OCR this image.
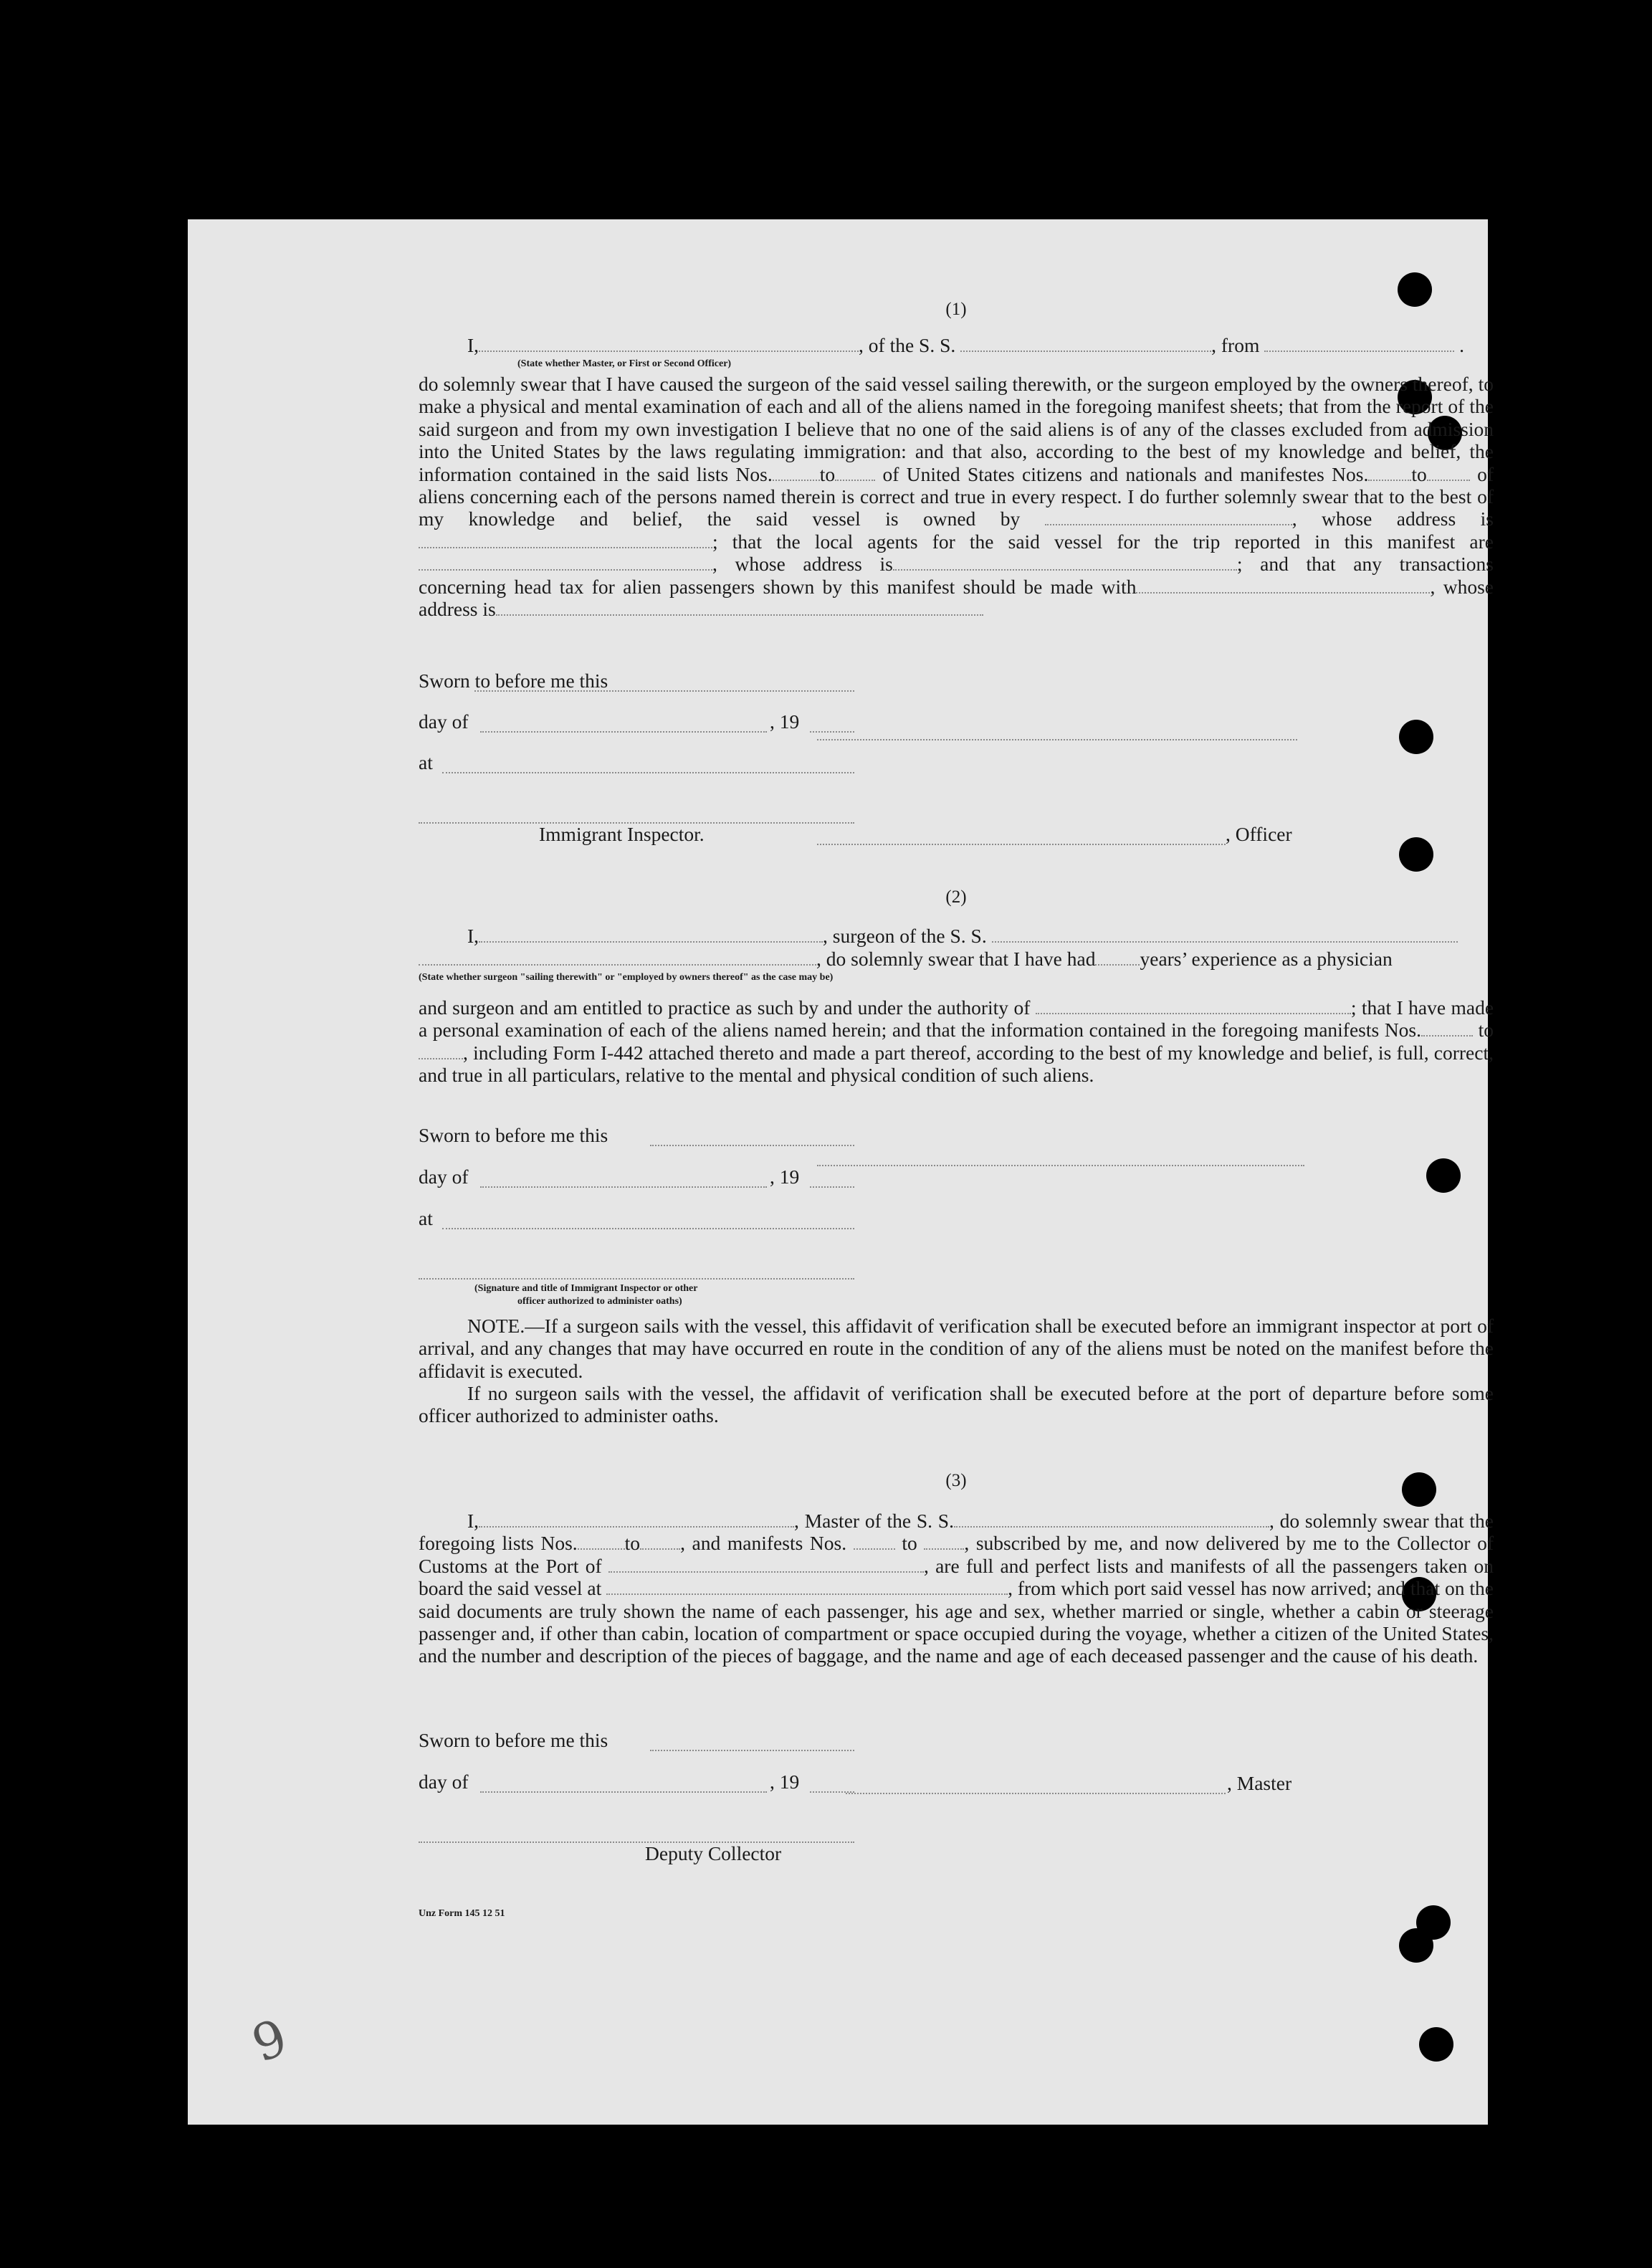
(1)
I,	, of the S. S.	, from	.
(State whether Master, or First or Second Officer)
do solemnly swear that I have caused the surgeon of the said vessel sailing therewith, or the surgeon employed by the owners thereof, to make a physical and mental examination of each and all of the aliens named in the foregoing manifest sheets; that from the report of the said surgeon and from my own investigation I believe that no one of the said aliens is of any of the classes excluded from admission into the United States by the laws regulating immigration: and that also, according to the best of my knowledge and belief, the information contained in the said lists Nos. to of United States citizens and nationals and manifestes Nos. to	of aliens concerning each of the persons named therein is correct and true in every respect. I do further solemnly swear that to the best of my knowledge and belief, the said vessel is owned by	, whose address is ; that the local agents for the said vessel for the trip reported in this manifest are , whose address is	; and that any transactions concerning head tax for alien passengers shown by this manifest should be made with	, whose address is
Sworn to before me this
day of	, 19
at
Immigrant Inspector.	, Officer
(2)
I,	, surgeon of the S. S.
, do solemnly swear that I have had years’ experience as a physician
(State whether surgeon "sailing therewith" or "employed by owners thereof" as the case may be)
and surgeon and am entitled to practice as such by and under the authority of	; that I have made a personal examination of each of the aliens named herein; and that the information contained in the foregoing manifests Nos.	to , including Form I-442 attached thereto and made a part thereof, according to the best of my knowledge and belief, is full, correct, and true in all particulars, relative to the mental and physical condition of such aliens.
Sworn to before me this
day of	, 19
at
(Signature and title of Immigrant Inspector or other
officer authorized to administer oaths)
NOTE.—If a surgeon sails with the vessel, this affidavit of verification shall be executed before an immigrant inspector at port of arrival, and any changes that may have occurred en route in the condition of any of the aliens must be noted on the manifest before the affidavit is executed.
If no surgeon sails with the vessel, the affidavit of verification shall be executed before at the port of departure before some officer authorized to administer oaths.
(3)
I,	, Master of the S. S.	, do solemnly swear that the foregoing lists Nos. to , and manifests Nos.	to , subscribed by me, and now delivered by me to the Collector of Customs at the Port of	, are full and perfect lists and manifests of all the passengers taken on board the said vessel at	, from which port said vessel has now arrived; and that on the said documents are truly shown the name of each passenger, his age and sex, whether married or single, whether a cabin or steerage passenger and, if other than cabin, location of compartment or space occupied during the voyage, whether a citizen of the United States, and the number and description of the pieces of baggage, and the name and age of each deceased passenger and the cause of his death.
Sworn to before me this
day of	, 19	, Master
Deputy Collector
Unz Form 145 12 51
9
